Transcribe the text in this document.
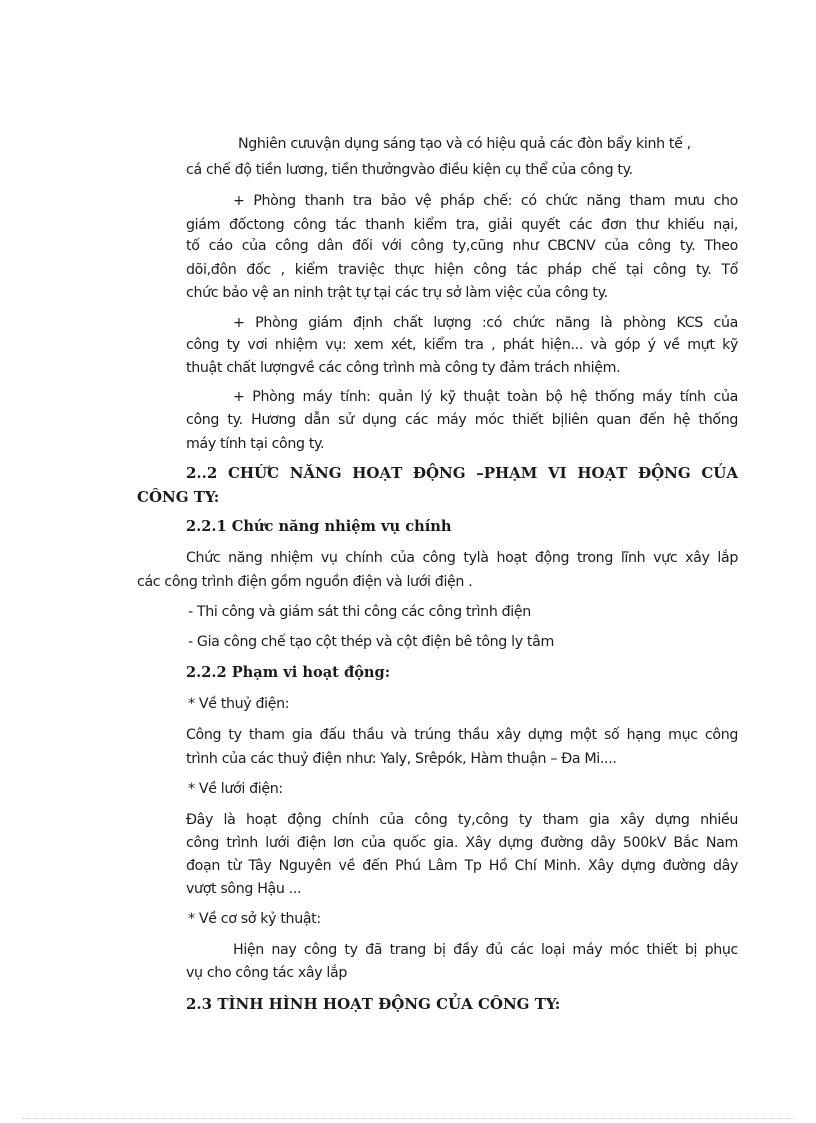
Nghiên cưuvận dụng sáng tạo và có hiệu quả các đòn bẩy kinh tế ,
cá chế độ tiền lương, tiền thưởngvào điều kiện cụ thể của công ty.
+ Phòng thanh tra bảo vệ pháp chế: có chức năng tham mưu cho
giám đốctong công tác thanh kiểm tra, giải quyết các đơn thư khiếu nại,
tố cáo của công dân đối với công ty,cũng như CBCNV của công ty. Theo
dõi,đôn đốc , kiểm traviệc thực hiện công tác pháp chế tại công ty. Tổ
chức bảo vệ an ninh trật tự tại các trụ sở làm việc của công ty.
+ Phòng giám định chất lượng :có chức năng là phòng KCS của
công ty vơi nhiệm vụ: xem xét, kiểm tra , phát hiện... và góp ý về mựt kỹ
thuật chất lượngvề các công trình mà công ty đảm trách nhiệm.
+ Phòng máy tính: quản lý kỹ thuật toàn bộ hệ thống máy tính của
công ty. Hương dẫn sử dụng các máy móc thiết bịliên quan đến hệ thống
máy tính tại công ty.
2..2 CHỨC NĂNG HOẠT ĐỘNG –PHẠM VI HOẠT ĐỘNG CỦA
CÔNG TY:
2.2.1 Chức năng nhiệm vụ chính
Chức năng nhiệm vụ chính của công tylà hoạt động trong lĩnh vực xây lắp
các công trình điện gồm nguồn điện và lưới điện .
- Thi công và giám sát thi công các công trình điện
- Gia công chế tạo cột thép và cột điện bê tông ly tâm
2.2.2 Phạm vi hoạt động:
* Về thuỷ điện:
Công ty tham gia đấu thầu và trúng thầu xây dựng một số hạng mục công
trình của các thuỷ điện như: Yaly, Srêpók, Hàm thuận – Đa Mi....
* Về lưới điện:
Đây là hoạt động chính của công ty,công ty tham gia xây dựng nhiều
công trình lưới điện lơn của quốc gia. Xây dựng đường dây 500kV Bắc Nam
đoạn từ Tây Nguyên về đến Phú Lâm Tp Hồ Chí Minh. Xây dựng đường dây
vượt sông Hậu ...
* Về cơ sở kỷ thuật:
Hiện nay công ty đã trang bị đầy đủ các loại máy móc thiết bị phục
vụ cho công tác xây lắp
2.3 TÌNH HÌNH HOẠT ĐỘNG CỦA CÔNG TY:
